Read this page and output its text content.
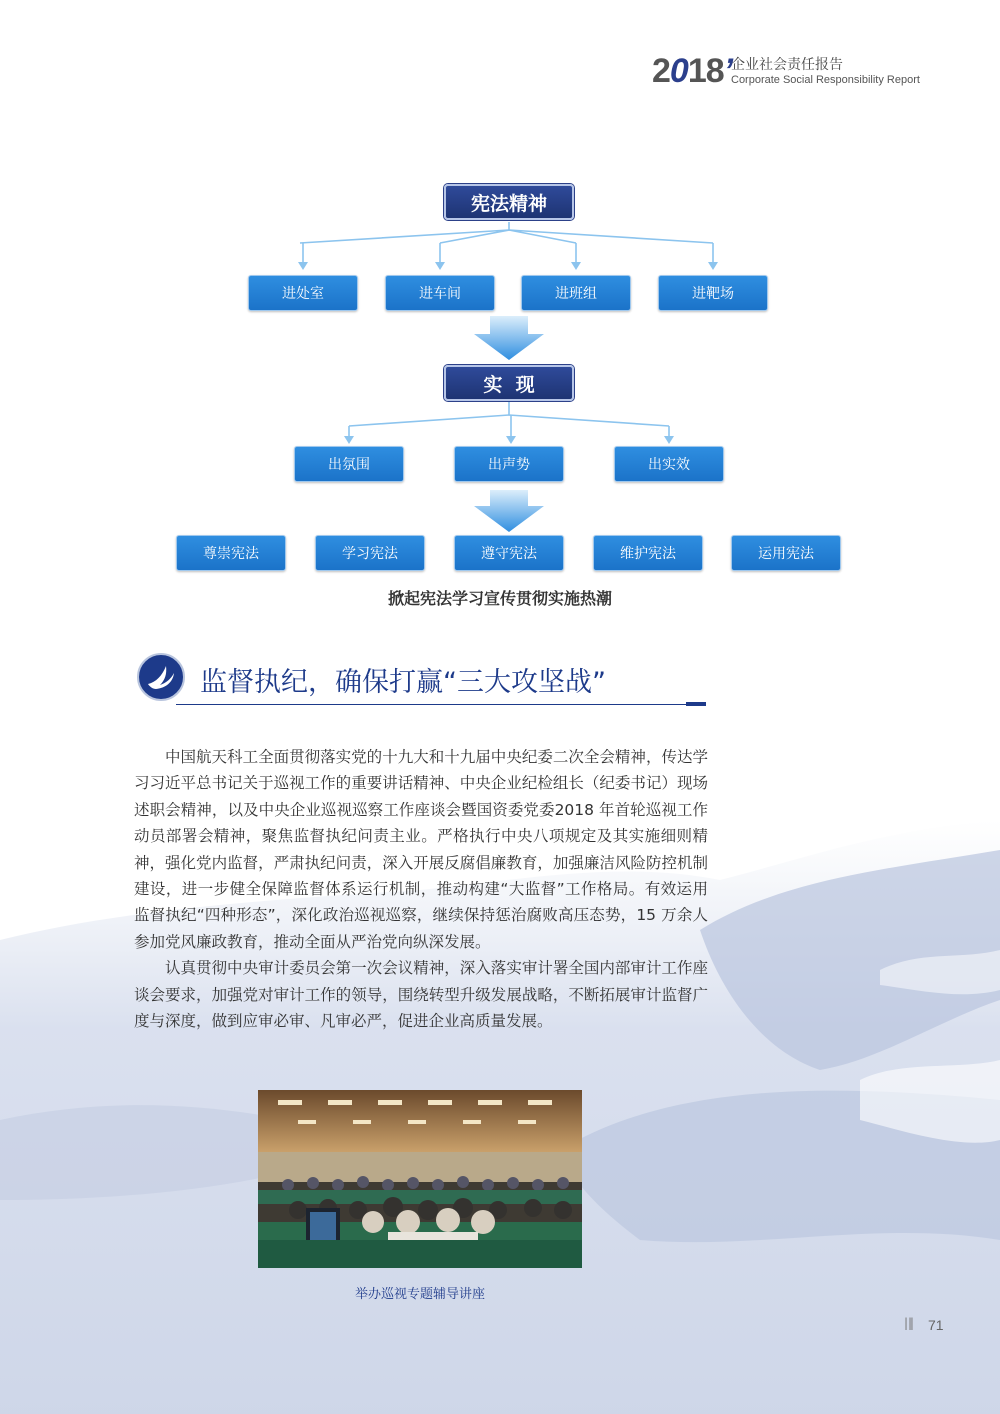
2018’
企业社会责任报告
Corporate Social Responsibility Report
宪法精神
进处室	进车间	进班组	进靶场
实  现
出氛围	出声势	出实效
尊崇宪法	学习宪法	遵守宪法	维护宪法	运用宪法
掀起宪法学习宣传贯彻实施热潮
监督执纪，确保打赢“三大攻坚战”

中国航天科工全面贯彻落实党的十九大和十九届中央纪委二次全会精神，传达学习习近平总书记关于巡视工作的重要讲话精神、中央企业纪检组长（纪委书记）现场述职会精神，以及中央企业巡视巡察工作座谈会暨国资委党委2018 年首轮巡视工作动员部署会精神，聚焦监督执纪问责主业。严格执行中央八项规定及其实施细则精神，强化党内监督，严肃执纪问责，深入开展反腐倡廉教育，加强廉洁风险防控机制建设，进一步健全保障监督体系运行机制，推动构建“大监督”工作格局。有效运用监督执纪“四种形态”，深化政治巡视巡察，继续保持惩治腐败高压态势，15 万余人参加党风廉政教育，推动全面从严治党向纵深发展。

认真贯彻中央审计委员会第一次会议精神，深入落实审计署全国内部审计工作座谈会要求，加强党对审计工作的领导，围绕转型升级发展战略，不断拓展审计监督广度与深度，做到应审必审、凡审必严，促进企业高质量发展。

举办巡视专题辅导讲座
|‖ 71
